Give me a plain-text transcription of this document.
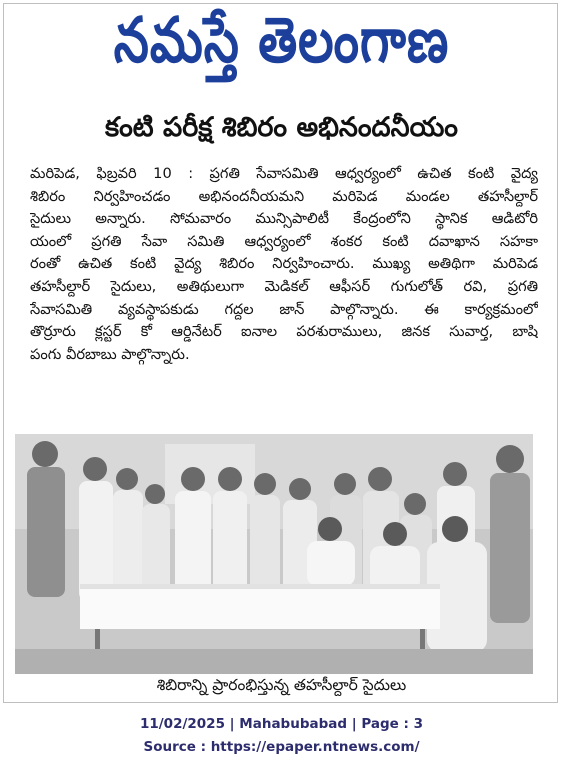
నమస్తే తెలంగాణ
కంటి పరీక్ష శిబిరం అభినందనీయం
మరిపెడ, ఫిబ్రవరి 10 : ప్రగతి సేవాసమితి ఆధ్వర్యంలో ఉచిత కంటి వైద్య
శిబిరం నిర్వహించడం అభినందనీయమని మరిపెడ మండల తహసీల్దార్
సైదులు అన్నారు. సోమవారం మున్సిపాలిటీ కేంద్రంలోని స్థానిక ఆడిటోరి
యంలో ప్రగతి సేవా సమితి ఆధ్వర్యంలో శంకర కంటి దవాఖాన సహకా
రంతో ఉచిత కంటి వైద్య శిబిరం నిర్వహించారు. ముఖ్య అతిథిగా మరిపెడ
తహసీల్దార్ సైదులు, అతిథులుగా మెడికల్ ఆఫీసర్ గుగులోత్ రవి, ప్రగతి
సేవాసమితి వ్యవస్థాపకుడు గద్దల జాన్ పాల్గొన్నారు. ఈ కార్యక్రమంలో
తొర్రూరు క్లస్టర్ కో ఆర్డినేటర్ ఐనాల పరశురాములు, జినక సువార్త, బాషి
పంగు వీరబాబు పాల్గొన్నారు.
శిబిరాన్ని ప్రారంభిస్తున్న తహసీల్దార్ సైదులు
11/02/2025 | Mahabubabad | Page : 3
Source : https://epaper.ntnews.com/
